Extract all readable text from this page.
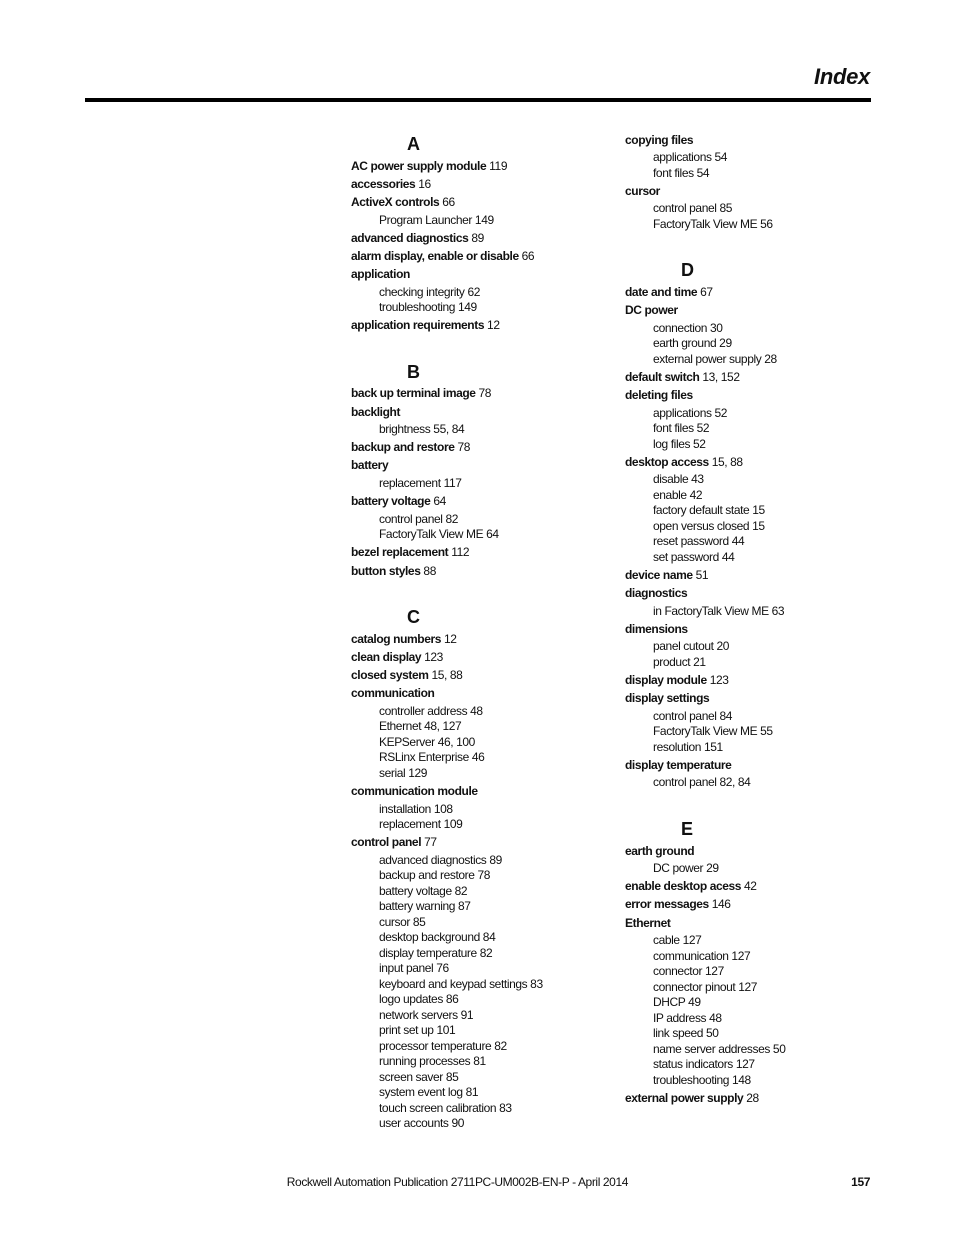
Index
A
AC power supply module 119
accessories 16
ActiveX controls 66
Program Launcher 149
advanced diagnostics 89
alarm display, enable or disable 66
application
checking integrity 62
troubleshooting 149
application requirements 12
B
back up terminal image 78
backlight
brightness 55, 84
backup and restore 78
battery
replacement 117
battery voltage 64
control panel 82
FactoryTalk View ME 64
bezel replacement 112
button styles 88
C
catalog numbers 12
clean display 123
closed system 15, 88
communication
controller address 48
Ethernet 48, 127
KEPServer 46, 100
RSLinx Enterprise 46
serial 129
communication module
installation 108
replacement 109
control panel 77
advanced diagnostics 89
backup and restore 78
battery voltage 82
battery warning 87
cursor 85
desktop background 84
display temperature 82
input panel 76
keyboard and keypad settings 83
logo updates 86
network servers 91
print set up 101
processor temperature 82
running processes 81
screen saver 85
system event log 81
touch screen calibration 83
user accounts 90
copying files
applications 54
font files 54
cursor
control panel 85
FactoryTalk View ME 56
D
date and time 67
DC power
connection 30
earth ground 29
external power supply 28
default switch 13, 152
deleting files
applications 52
font files 52
log files 52
desktop access 15, 88
disable 43
enable 42
factory default state 15
open versus closed 15
reset password 44
set password 44
device name 51
diagnostics
in FactoryTalk View ME 63
dimensions
panel cutout 20
product 21
display module 123
display settings
control panel 84
FactoryTalk View ME 55
resolution 151
display temperature
control panel 82, 84
E
earth ground
DC power 29
enable desktop acess 42
error messages 146
Ethernet
cable 127
communication 127
connector 127
connector pinout 127
DHCP 49
IP address 48
link speed 50
name server addresses 50
status indicators 127
troubleshooting 148
external power supply 28
Rockwell Automation Publication 2711PC-UM002B-EN-P - April 2014	157
